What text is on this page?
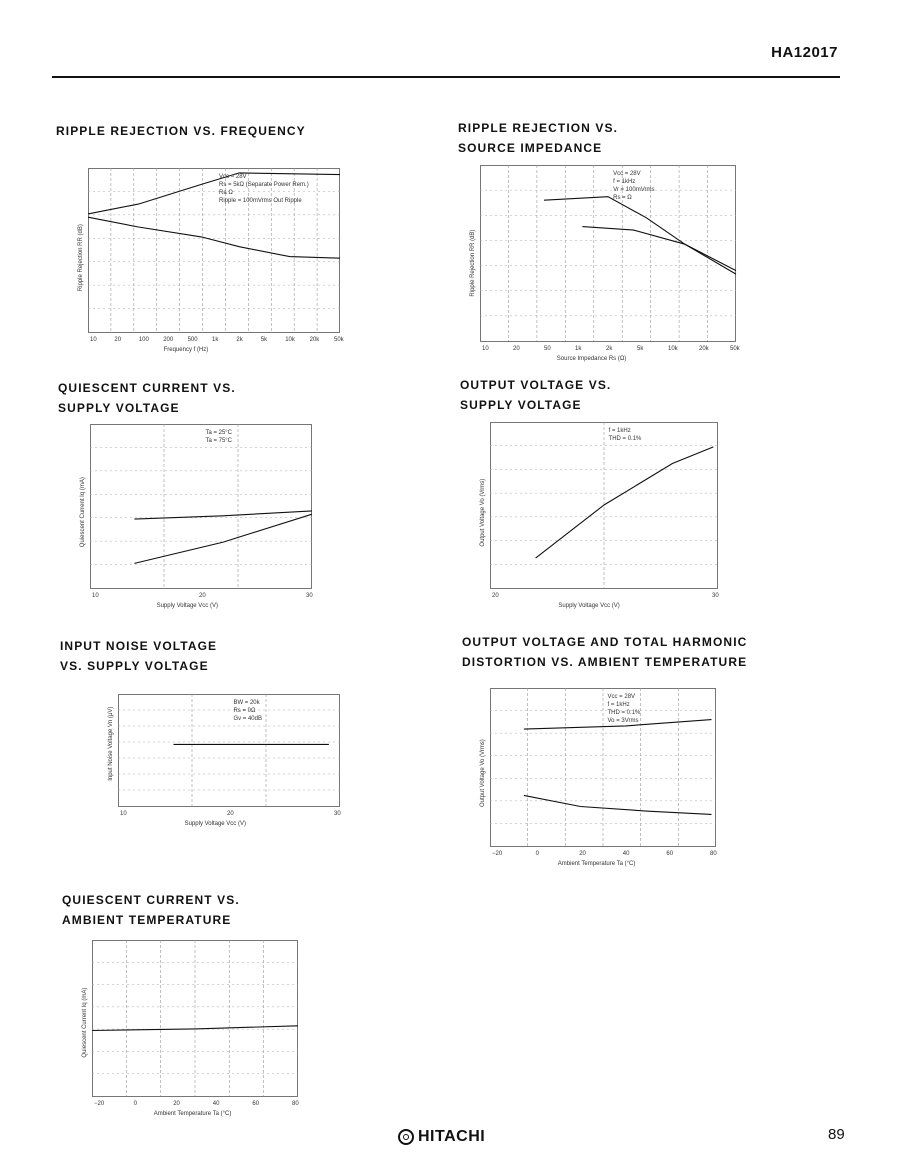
HA12017
RIPPLE REJECTION VS. FREQUENCY	RIPPLE REJECTION VS.
SOURCE IMPEDANCE
QUIESCENT CURRENT VS.
SUPPLY VOLTAGE
OUTPUT VOLTAGE VS.
SUPPLY VOLTAGE
INPUT NOISE VOLTAGE
VS. SUPPLY VOLTAGE
OUTPUT VOLTAGE AND TOTAL HARMONIC
DISTORTION VS. AMBIENT TEMPERATURE
QUIESCENT CURRENT VS.
AMBIENT TEMPERATURE
10	20	100 200 500 1k	2k	5k	10k 20k 50k
Vcc = 28V
Rs = 5kΩ (Separate Power Rem.)
Ra Ω
Ripple = 100mVrms Out Ripple
Frequency f (Hz)
Ripple Rejection RR (dB)
10	20	50	1k	2k	5k	10k	20k	50k
Vcc = 28V
f = 1kHz
Vr = 100mVrms
Rs = Ω
Source Impedance Rs (Ω)
Ripple Rejection RR (dB)
10	20	30
Ta = 25°C
Ta = 75°C
Supply Voltage Vcc (V)
Quiescent Current Iq (mA)
20	30
f = 1kHz
THD = 0.1%
Supply Voltage Vcc (V)
Output Voltage Vo (Vrms)
10	20	30
BW = 20k
Rs = 0Ω
Gv = 40dB
Supply Voltage Vcc (V)
Input Noise Voltage Vn (μV)
−20	0	20	40	60	80
Vcc = 28V
f = 1kHz
THD = 0.1%
Vo = 3Vrms
Ambient Temperature Ta (°C)
Output Voltage Vo (Vrms)
−20	0	20	40	60	80
Ambient Temperature Ta (°C)
Quiescent Current Iq (mA)
HITACHI	89
